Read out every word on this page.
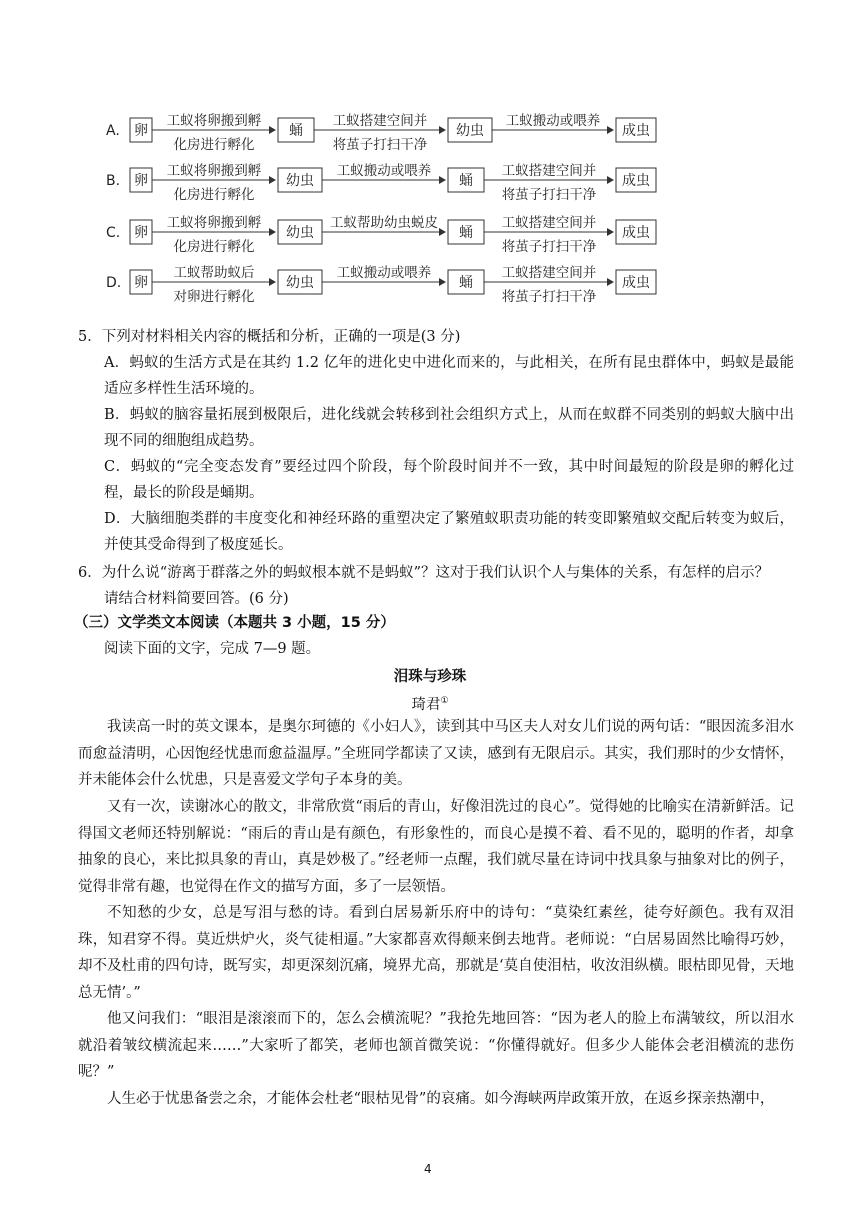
A. 卵
工蚁将卵搬到孵
化房进行孵化
蛹
工蚁搭建空间并
将茧子打扫干净
幼虫
工蚁搬动或喂养
成虫
B. 卵
工蚁将卵搬到孵
化房进行孵化
幼虫
工蚁搬动或喂养
蛹
工蚁搭建空间并
将茧子打扫干净
成虫
C. 卵
工蚁将卵搬到孵
化房进行孵化
幼虫
工蚁帮助幼虫蜕皮
蛹
工蚁搭建空间并
将茧子打扫干净
成虫
D. 卵
工蚁帮助蚁后
对卵进行孵化
幼虫
工蚁搬动或喂养
蛹
工蚁搭建空间并
将茧子打扫干净
成虫
5．下列对材料相关内容的概括和分析，正确的一项是(3 分)
A．蚂蚁的生活方式是在其约 1.2 亿年的进化史中进化而来的，与此相关，在所有昆虫群体中，蚂蚁是最能适应多样性生活环境的。
B．蚂蚁的脑容量拓展到极限后，进化线就会转移到社会组织方式上，从而在蚁群不同类别的蚂蚁大脑中出现不同的细胞组成趋势。
C．蚂蚁的“完全变态发育”要经过四个阶段，每个阶段时间并不一致，其中时间最短的阶段是卵的孵化过程，最长的阶段是蛹期。
D．大脑细胞类群的丰度变化和神经环路的重塑决定了繁殖蚁职责功能的转变即繁殖蚁交配后转变为蚁后，并使其受命得到了极度延长。
6．为什么说“游离于群落之外的蚂蚁根本就不是蚂蚁”？这对于我们认识个人与集体的关系，有怎样的启示？
请结合材料简要回答。(6 分)
（三）文学类文本阅读（本题共 3 小题，15 分）
阅读下面的文字，完成 7—9 题。
泪珠与珍珠
琦君①
我读高一时的英文课本，是奥尔珂德的《小妇人》，读到其中马区夫人对女儿们说的两句话：“眼因流多泪水而愈益清明，心因饱经忧患而愈益温厚。”全班同学都读了又读，感到有无限启示。其实，我们那时的少女情怀，并未能体会什么忧患，只是喜爱文学句子本身的美。
又有一次，读谢冰心的散文，非常欣赏“雨后的青山，好像泪洗过的良心”。觉得她的比喻实在清新鲜活。记得国文老师还特别解说：“雨后的青山是有颜色，有形象性的，而良心是摸不着、看不见的，聪明的作者，却拿抽象的良心，来比拟具象的青山，真是妙极了。”经老师一点醒，我们就尽量在诗词中找具象与抽象对比的例子，觉得非常有趣，也觉得在作文的描写方面，多了一层领悟。
不知愁的少女，总是写泪与愁的诗。看到白居易新乐府中的诗句：“莫染红素丝，徒夸好颜色。我有双泪珠，知君穿不得。莫近烘炉火，炎气徒相逼。”大家都喜欢得颠来倒去地背。老师说：“白居易固然比喻得巧妙，却不及杜甫的四句诗，既写实，却更深刻沉痛，境界尤高，那就是‘莫自使泪枯，收汝泪纵横。眼枯即见骨，天地总无情’。”
他又问我们：“眼泪是滚滚而下的，怎么会横流呢？”我抢先地回答：“因为老人的脸上布满皱纹，所以泪水就沿着皱纹横流起来……”大家听了都笑，老师也颔首微笑说：“你懂得就好。但多少人能体会老泪横流的悲伤呢？”
人生必于忧患备尝之余，才能体会杜老“眼枯见骨”的哀痛。如今海峡两岸政策开放，在返乡探亲热潮中，
4
